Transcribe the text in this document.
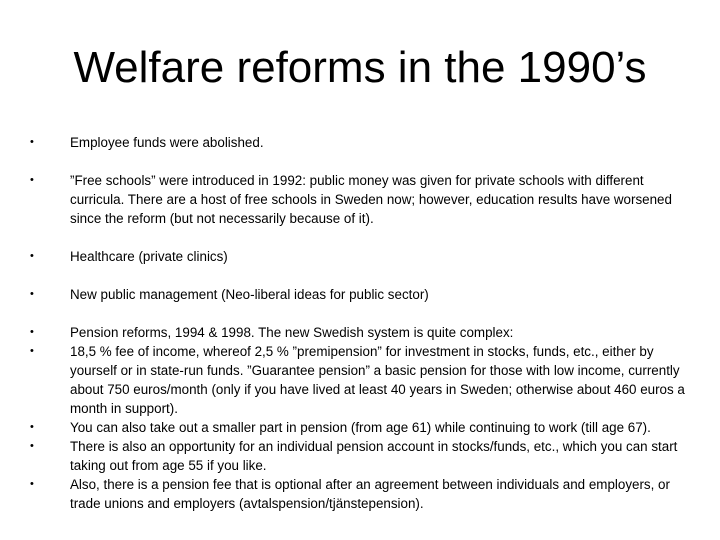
Welfare reforms in the 1990’s
•	Employee funds were abolished.
•	”Free schools” were introduced in 1992: public money was given for private schools with different curricula. There are a host of free schools in Sweden now; however, education results have worsened since the reform (but not necessarily because of it).
•	Healthcare (private clinics)
•	New public management (Neo-liberal ideas for public sector)
•	Pension reforms, 1994 & 1998. The new Swedish system is quite complex:
•	18,5 % fee of income, whereof 2,5 % ”premipension” for investment in stocks, funds, etc., either by yourself or in state-run funds. ”Guarantee pension” a basic pension for those with low income, currently about 750 euros/month (only if you have lived at least 40 years in Sweden; otherwise about 460 euros a month in support).
•	You can also take out a smaller part in pension (from age 61) while continuing to work (till age 67).
•	There is also an opportunity for an individual pension account in stocks/funds, etc., which you can start taking out from age 55 if you like.
•	Also, there is a pension fee that is optional after an agreement between individuals and employers, or trade unions and employers (avtalspension/tjänstepension).
